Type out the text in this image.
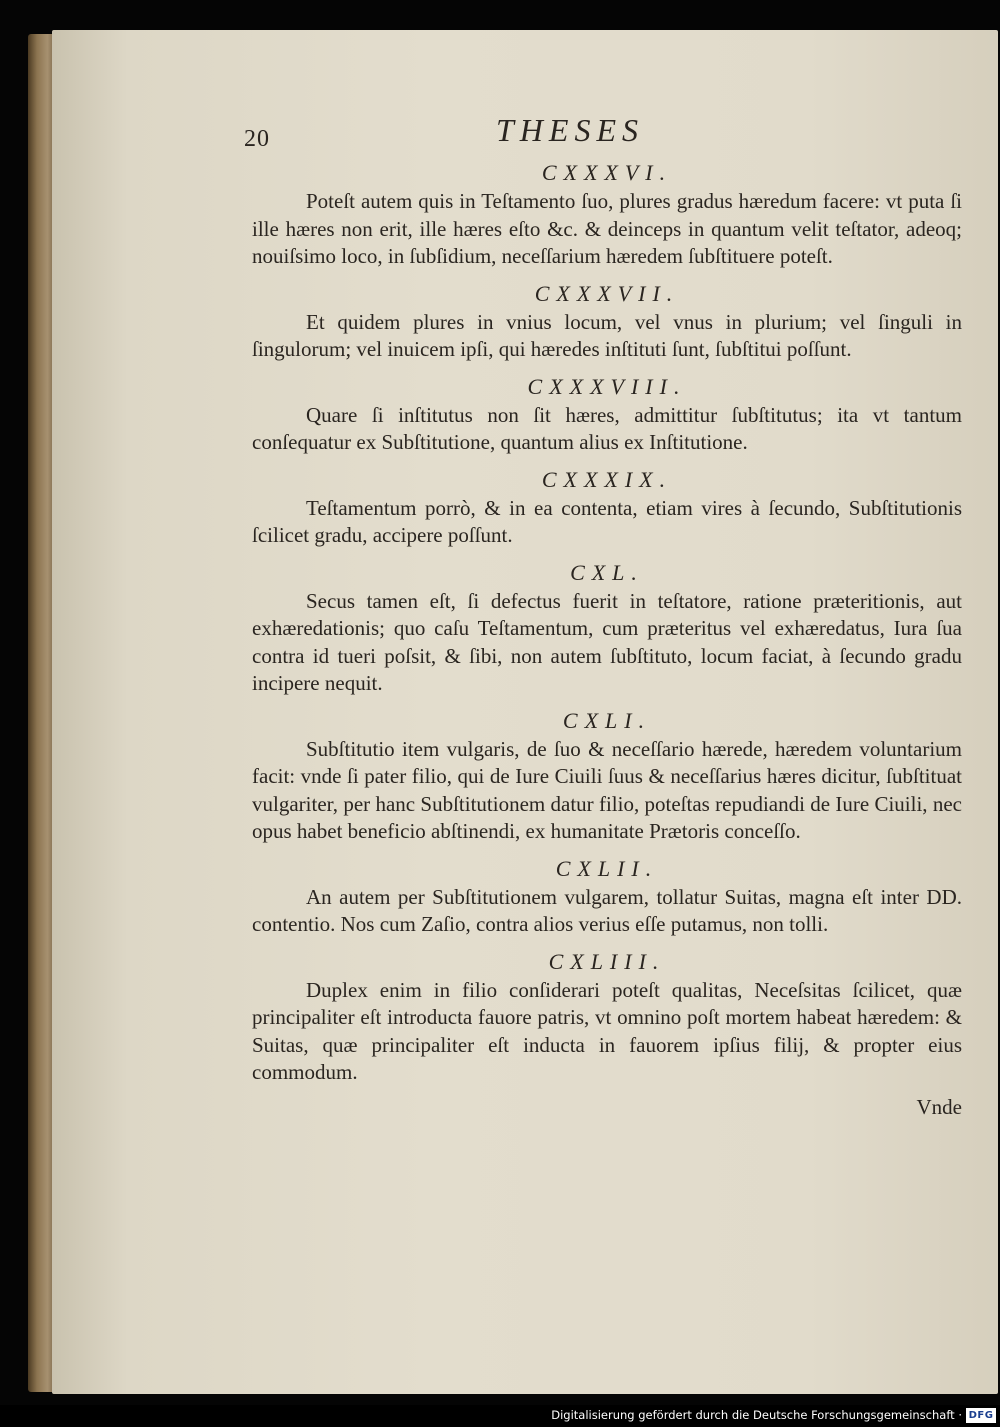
20	THESES

CXXXVI.

Poteſt autem quis in Teſtamento ſuo, plures gradus hæredum facere: vt puta ſi ille hæres non erit, ille hæres eſto &c. & deinceps in quantum velit teſtator, adeoq; nouiſsimo loco, in ſubſidium, neceſſarium hæredem ſubſtituere poteſt.

CXXXVII.

Et quidem plures in vnius locum, vel vnus in plurium; vel ſinguli in ſingulorum; vel inuicem ipſi, qui hæredes inſtituti ſunt, ſubſtitui poſſunt.

CXXXVIII.

Quare ſi inſtitutus non ſit hæres, admittitur ſubſtitutus; ita vt tantum conſequatur ex Subſtitutione, quantum alius ex Inſtitutione.

CXXXIX.

Teſtamentum porrò, & in ea contenta, etiam vires à ſecundo, Subſtitutionis ſcilicet gradu, accipere poſſunt.

CXL.

Secus tamen eſt, ſi defectus fuerit in teſtatore, ratione præteritionis, aut exhæredationis; quo caſu Teſtamentum, cum præteritus vel exhæredatus, Iura ſua contra id tueri poſsit, & ſibi, non autem ſubſtituto, locum faciat, à ſecundo gradu incipere nequit.

CXLI.

Subſtitutio item vulgaris, de ſuo & neceſſario hærede, hæredem voluntarium facit: vnde ſi pater filio, qui de Iure Ciuili ſuus & neceſſarius hæres dicitur, ſubſtituat vulgariter, per hanc Subſtitutionem datur filio, poteſtas repudiandi de Iure Ciuili, nec opus habet beneficio abſtinendi, ex humanitate Prætoris conceſſo.

CXLII.

An autem per Subſtitutionem vulgarem, tollatur Suitas, magna eſt inter DD. contentio. Nos cum Zaſio, contra alios verius eſſe putamus, non tolli.

CXLIII.

Duplex enim in filio conſiderari poteſt qualitas, Neceſsitas ſcilicet, quæ principaliter eſt introducta fauore patris, vt omnino poſt mortem habeat hæredem: & Suitas, quæ principaliter eſt inducta in fauorem ipſius filij, & propter eius commodum.

Vnde
Digitalisierung gefördert durch die Deutsche Forschungsgemeinschaft · DFG
